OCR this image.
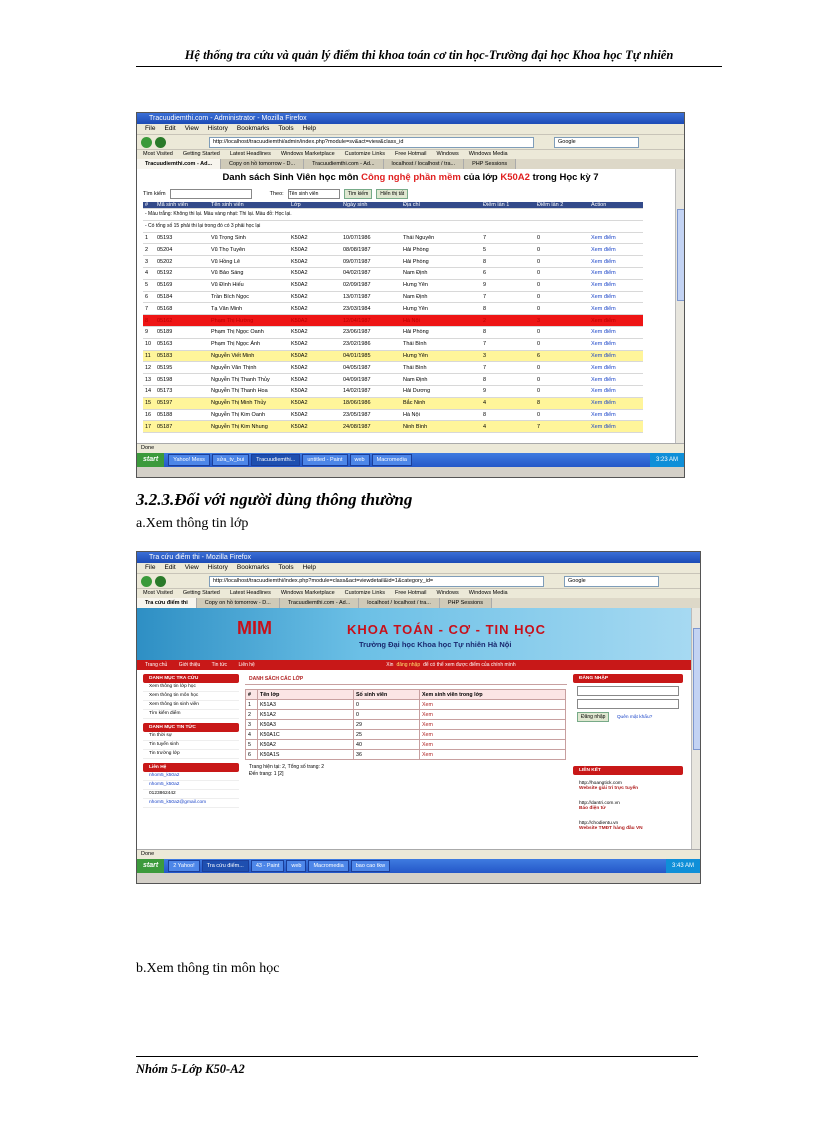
Hệ thống tra cứu và quản lý điểm thi khoa toán cơ tin học-Trường đại học Khoa học Tự nhiên
Tracuudiemthi.com - Administrator - Mozilla Firefox
File Edit View History Bookmarks Tools Help
http://localhost/tracuudiemthi/admin/index.php?module=sv&act=view&class_id	Google
Most Visited Getting Started Latest Headlines Windows Marketplace Customize Links Free Hotmail Windows Windows Media
Tracuudiemthi.com - Ad...	Copy on hồ tomorrow - D...	Tracuudiemthi.com - Ad...	localhost / localhost / tra...	PHP Sessions
Danh sách Sinh Viên học môn Công nghệ phần mềm của lớp K50A2 trong Học kỳ 7
Tìm kiếm	Theo: Tên sinh viên	Tìm kiếm	Hiển thị tất
#	Mã sinh viên	Tên sinh viên	Lớp	Ngày sinh	Địa chỉ	Điểm lần 1	Điểm lần 2	Action
- Màu trắng: Không thi lại. Màu vàng nhạt: Thi lại. Màu đỏ: Học lại.								
- Có tổng số 15 phải thi lại trong đó có 3 phải học lại								
1	05193	Vũ Trọng Sinh	K50A2	10/07/1986	Thái Nguyên	7	0	Xem điểm
2	05204	Vũ Thọ Tuyên	K50A2	08/08/1987	Hải Phòng	5	0	Xem điểm
3	05202	Vũ Hồng Lê	K50A2	09/07/1987	Hải Phòng	8	0	Xem điểm
4	05192	Vũ Bảo Sáng	K50A2	04/02/1987	Nam Định	6	0	Xem điểm
5	05169	Vũ Đình Hiếu	K50A2	02/09/1987	Hưng Yên	9	0	Xem điểm
6	05184	Trần Bích Ngọc	K50A2	13/07/1987	Nam Định	7	0	Xem điểm
7	05168	Tạ Văn Minh	K50A2	23/03/1984	Hưng Yên	8	0	Xem điểm
8	05162	Phạm Thị Hường	K50A2	12/04/1987	Hà Nội	2	3	Xem điểm
9	05189	Phạm Thị Ngọc Oanh	K50A2	23/06/1987	Hải Phòng	8	0	Xem điểm
10	05163	Phạm Thị Ngọc Ánh	K50A2	23/02/1986	Thái Bình	7	0	Xem điểm
11	05183	Nguyễn Viết Minh	K50A2	04/01/1985	Hưng Yên	3	6	Xem điểm
12	05195	Nguyễn Văn Thịnh	K50A2	04/05/1987	Thái Bình	7	0	Xem điểm
13	05198	Nguyễn Thị Thanh Thủy	K50A2	04/09/1987	Nam Định	8	0	Xem điểm
14	05173	Nguyễn Thị Thanh Hoa	K50A2	14/02/1987	Hải Dương	9	0	Xem điểm
15	05197	Nguyễn Thị Minh Thủy	K50A2	18/06/1986	Bắc Ninh	4	8	Xem điểm
16	05188	Nguyễn Thị Kim Oanh	K50A2	23/05/1987	Hà Nội	8	0	Xem điểm
17	05187	Nguyễn Thị Kim Nhung	K50A2	24/08/1987	Ninh Bình	4	7	Xem điểm
Done
start	Yahoo! Mess	sửa_tv_bui	Tracuudiemthi...	untitled - Paint	web	Macromedia	3:23 AM
3.2.3.Đối với người dùng thông thường
a.Xem thông tin lớp
Tra cứu điểm thi - Mozilla Firefox
File Edit View History Bookmarks Tools Help
http://localhost/tracuudiemthi/index.php?module=class&act=viewdetail&id=1&category_id=	Google
Most Visited Getting Started Latest Headlines Windows Marketplace Customize Links Free Hotmail Windows Windows Media
Tra cứu điểm thi	Copy on hồ tomorrow - D...	Tracuudiemthi.com - Ad...	localhost / localhost / tra...	PHP Sessions
MIM	KHOA TOÁN - CƠ - TIN HỌC
Trường Đại học Khoa học Tự nhiên Hà Nội
Trang chủ Giới thiệu Tin tức Liên hệ	Xin đăng nhập để có thể xem được điểm của chính mình
DANH MỤC TRA CỨU
Xem thông tin lớp học
Xem thông tin môn học
Xem thông tin sinh viên
Tìm kiếm điểm
DANH MỤC TIN TỨC
Tin thời sự
Tin tuyển sinh
Tin trường lớp
Liên Hệ
nhom5_k50a2
nhom5_k50a2
0123862442
nhom5_k50a2@gmail.com
DANH SÁCH CÁC LỚP
#	Tên lớp	Số sinh viên	Xem sinh viên trong lớp
1	K51A3	0	Xem
2	K51A2	0	Xem
3	K50A3	29	Xem
4	K50A1C	25	Xem
5	K50A2	40	Xem
6	K50A1S	36	Xem
Trang hiện tại: 2, Tổng số trang: 2
Đến trang: 1 [2]
ĐĂNG NHẬP
Đăng nhập Quên mật khẩu?
LIÊN KẾT
http://hoangtick.com
Website giải trí trực tuyến
http://dantri.com.vn
Báo điện tử
http://chodientu.vn
Website TMĐT hàng đầu VN
Done
start	2 Yahoo!	Tra cứu điểm...	43 - Paint	web	Macromedia	bao cao tkw	3:43 AM
b.Xem thông tin môn học
Nhóm 5-Lớp K50-A2
